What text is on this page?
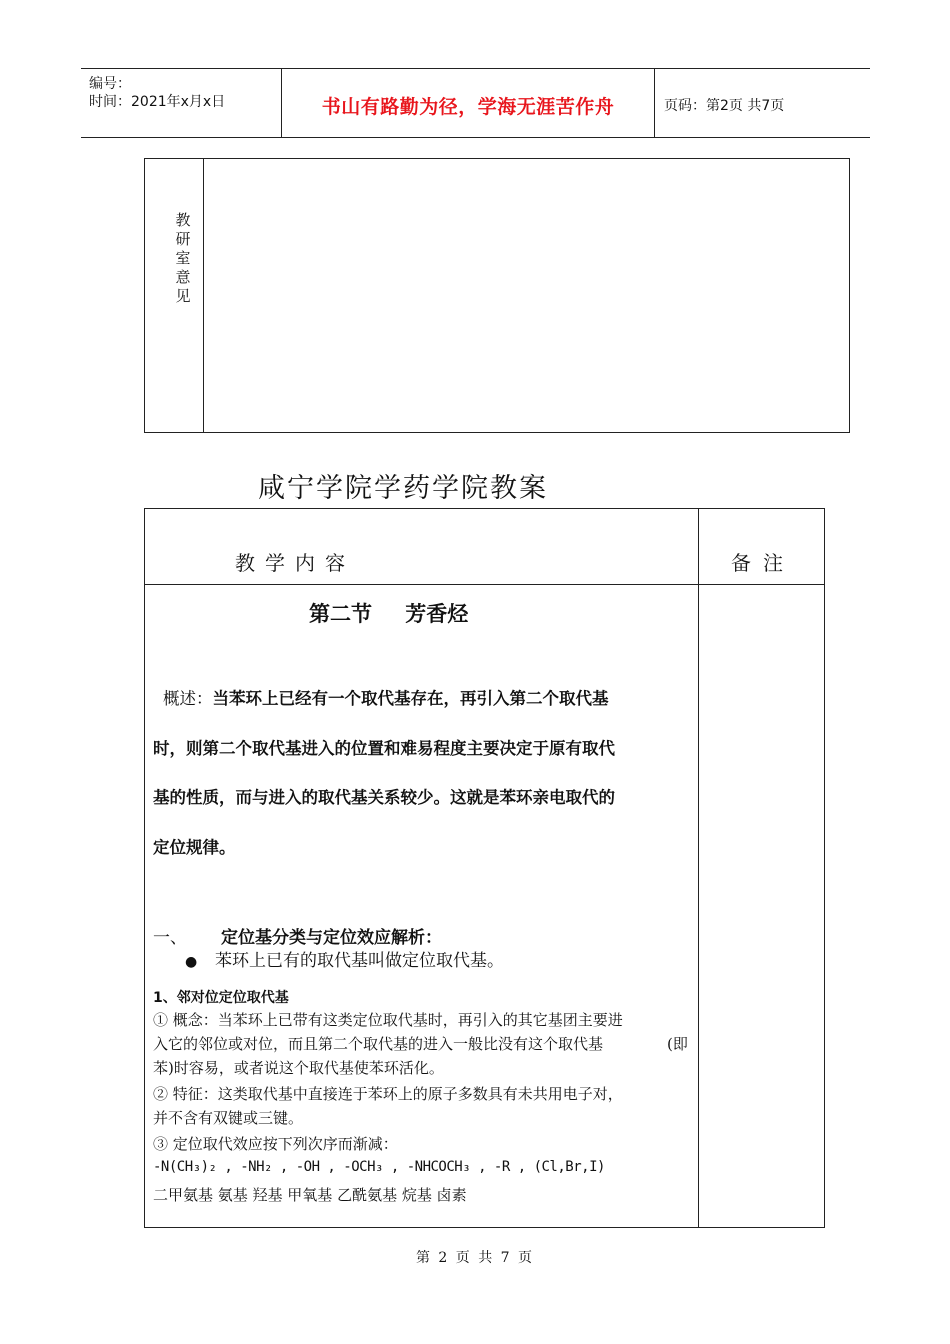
编号：
时间：2021年x月x日	书山有路勤为径，学海无涯苦作舟	页码：第2页 共7页
教
研
室
意
见
咸宁学院学药学院教案
教学内容	备注
第二节 芳香烃
概述：当苯环上已经有一个取代基存在，再引入第二个取代基
时，则第二个取代基进入的位置和难易程度主要决定于原有取代
基的性质，而与进入的取代基关系较少。这就是苯环亲电取代的
定位规律。
一、 定位基分类与定位效应解析：
● 苯环上已有的取代基叫做定位取代基。
1、邻对位定位取代基
① 概念：当苯环上已带有这类定位取代基时，再引入的其它基团主要进
入它的邻位或对位，而且第二个取代基的进入一般比没有这个取代基	(即
苯)时容易，或者说这个取代基使苯环活化。
② 特征：这类取代基中直接连于苯环上的原子多数具有未共用电子对，
并不含有双键或三键。
③ 定位取代效应按下列次序而渐减：
-N(CH₃)₂ , -NH₂ , -OH , -OCH₃ , -NHCOCH₃ , -R , (Cl,Br,I)
二甲氨基 氨基 羟基 甲氧基 乙酰氨基 烷基 卤素
第 2 页 共 7 页
